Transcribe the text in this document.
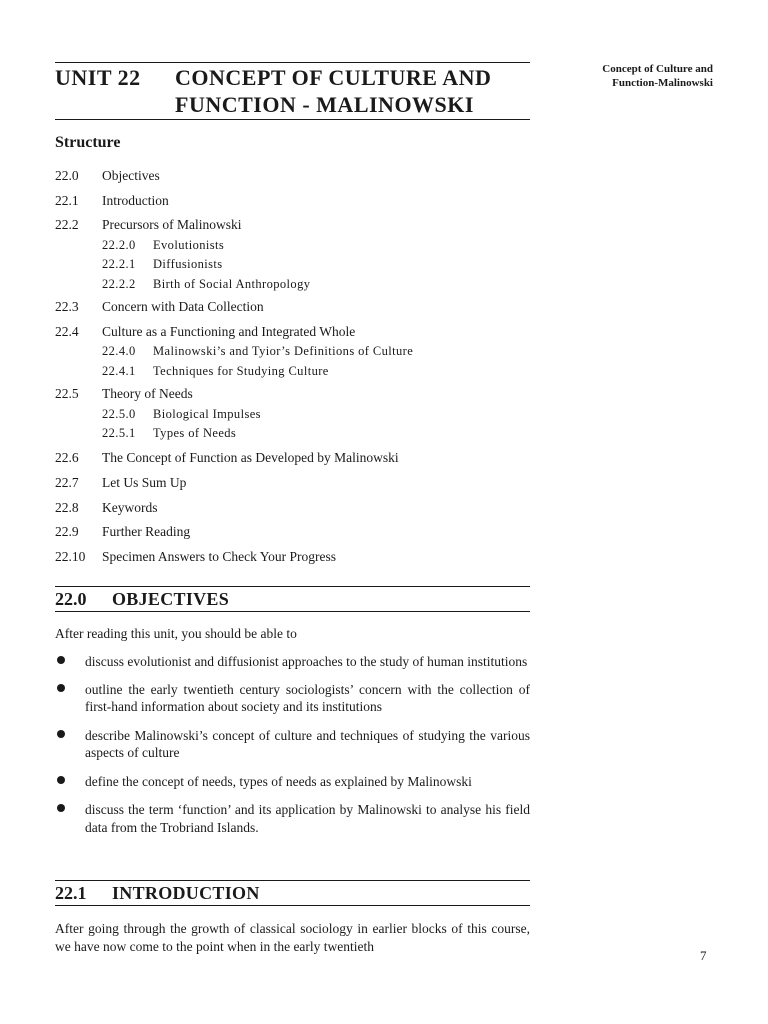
Concept of Culture and
Function-Malinowski
UNIT 22 CONCEPT OF CULTURE AND
FUNCTION - MALINOWSKI
Structure
22.0 Objectives
22.1 Introduction
22.2 Precursors of Malinowski
22.2.0 Evolutionists
22.2.1 Diffusionists
22.2.2 Birth of Social Anthropology
22.3 Concern with Data Collection
22.4 Culture as a Functioning and Integrated Whole
22.4.0 Malinowski’s and Tyior’s Definitions of Culture
22.4.1 Techniques for Studying Culture
22.5 Theory of Needs
22.5.0 Biological Impulses
22.5.1 Types of Needs
22.6 The Concept of Function as Developed by Malinowski
22.7 Let Us Sum Up
22.8 Keywords
22.9 Further Reading
22.10 Specimen Answers to Check Your Progress
22.0 OBJECTIVES
After reading this unit, you should be able to
discuss evolutionist and diffusionist approaches to the study of human institutions
outline the early twentieth century sociologists’ concern with the collection of first-hand information about society and its institutions
describe Malinowski’s concept of culture and techniques of studying the various aspects of culture
define the concept of needs, types of needs as explained by Malinowski
discuss the term ‘function’ and its application by Malinowski to analyse his field data from the Trobriand Islands.
22.1 INTRODUCTION
After going through the growth of classical sociology in earlier blocks of this course, we have now come to the point when in the early twentieth
7
